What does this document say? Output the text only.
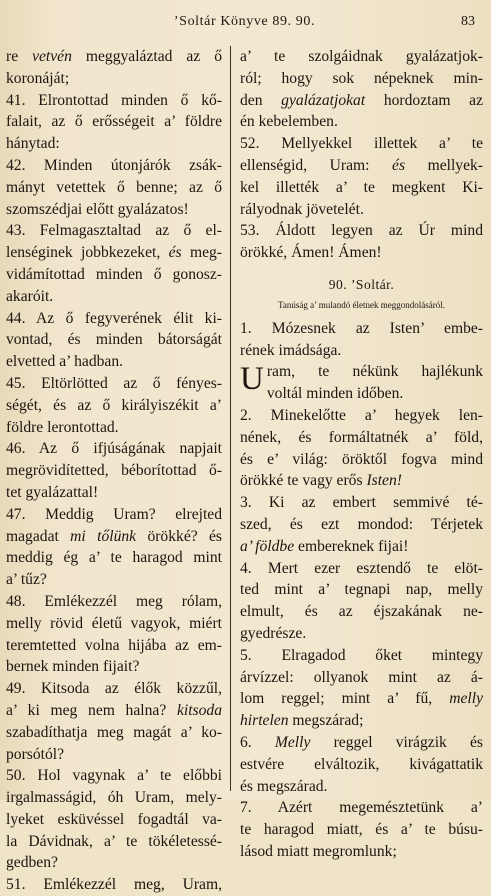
’Soltár Könyve 89. 90.	83
re vetvén meggyaláztad az ő
koronáját;
41. Elrontottad minden ő kő-
falait, az ő erősségeit a’ földre
hánytad:
42. Minden útonjárók zsák-
mányt vetettek ő benne; az ő
szomszédjai előtt gyalázatos!
43. Felmagasztaltad az ő el-
lenséginek jobbkezeket, és meg-
vidámítottad minden ő gonosz-
akaróit.
44. Az ő fegyverének élit ki-
vontad, és minden bátorságát
elvetted a’ hadban.
45. Eltörlötted az ő fényes-
ségét, és az ő királyiszékit a’
földre lerontottad.
46. Az ő ifjúságának napjait
megrövidítetted, béborítottad ő-
tet gyalázattal!
47. Meddig Uram? elrejted
magadat mi tőlünk örökké? és
meddig ég a’ te haragod mint
a’ tűz?
48. Emlékezzél meg rólam,
melly rövid életű vagyok, miért
teremtetted volna hijába az em-
bernek minden fijait?
49. Kitsoda az élők közzűl,
a’ ki meg nem halna? kitsoda
szabadíthatja meg magát a’ ko-
porsótól?
50. Hol vagynak a’ te előbbi
irgalmasságid, óh Uram, mely-
lyeket esküvéssel fogadtál va-
la Dávidnak, a’ te tökéletessé-
gedben?
51. Emlékezzél meg, Uram,
a’ te szolgáidnak gyalázatjok-
ról; hogy sok népeknek min-
den gyalázatjokat hordoztam az
én kebelemben.
52. Mellyekkel illettek a’ te
ellenségid, Uram: és mellyek-
kel illették a’ te megkent Ki-
rályodnak jövetelét.
53. Áldott legyen az Úr mind
örökké, Ámen! Ámen!
90. ’Soltár.
Tanúság a’ mulandó életnek meggondolásáról.
1. Mózesnek az Isten’ embe-
rének imádsága.
U ram, te nékünk hajlékunk
voltál minden időben.
2. Minekelőtte a’ hegyek len-
nének, és formáltatnék a’ föld,
és e’ világ: öröktől fogva mind
örökké te vagy erős Isten!
3. Ki az embert semmivé té-
szed, és ezt mondod: Térjetek
a’ földbe embereknek fijai!
4. Mert ezer esztendő te elöt-
ted mint a’ tegnapi nap, melly
elmult, és az éjszakának ne-
gyedrésze.
5. Elragadod őket mintegy
árvízzel: ollyanok mint az á-
lom reggel; mint a’ fű, melly
hirtelen megszárad;
6. Melly reggel virágzik és
estvére elváltozik, kivágattatik
és megszárad.
7. Azért megemésztetünk a’
te haragod miatt, és a’ te búsu-
lásod miatt megromlunk;
